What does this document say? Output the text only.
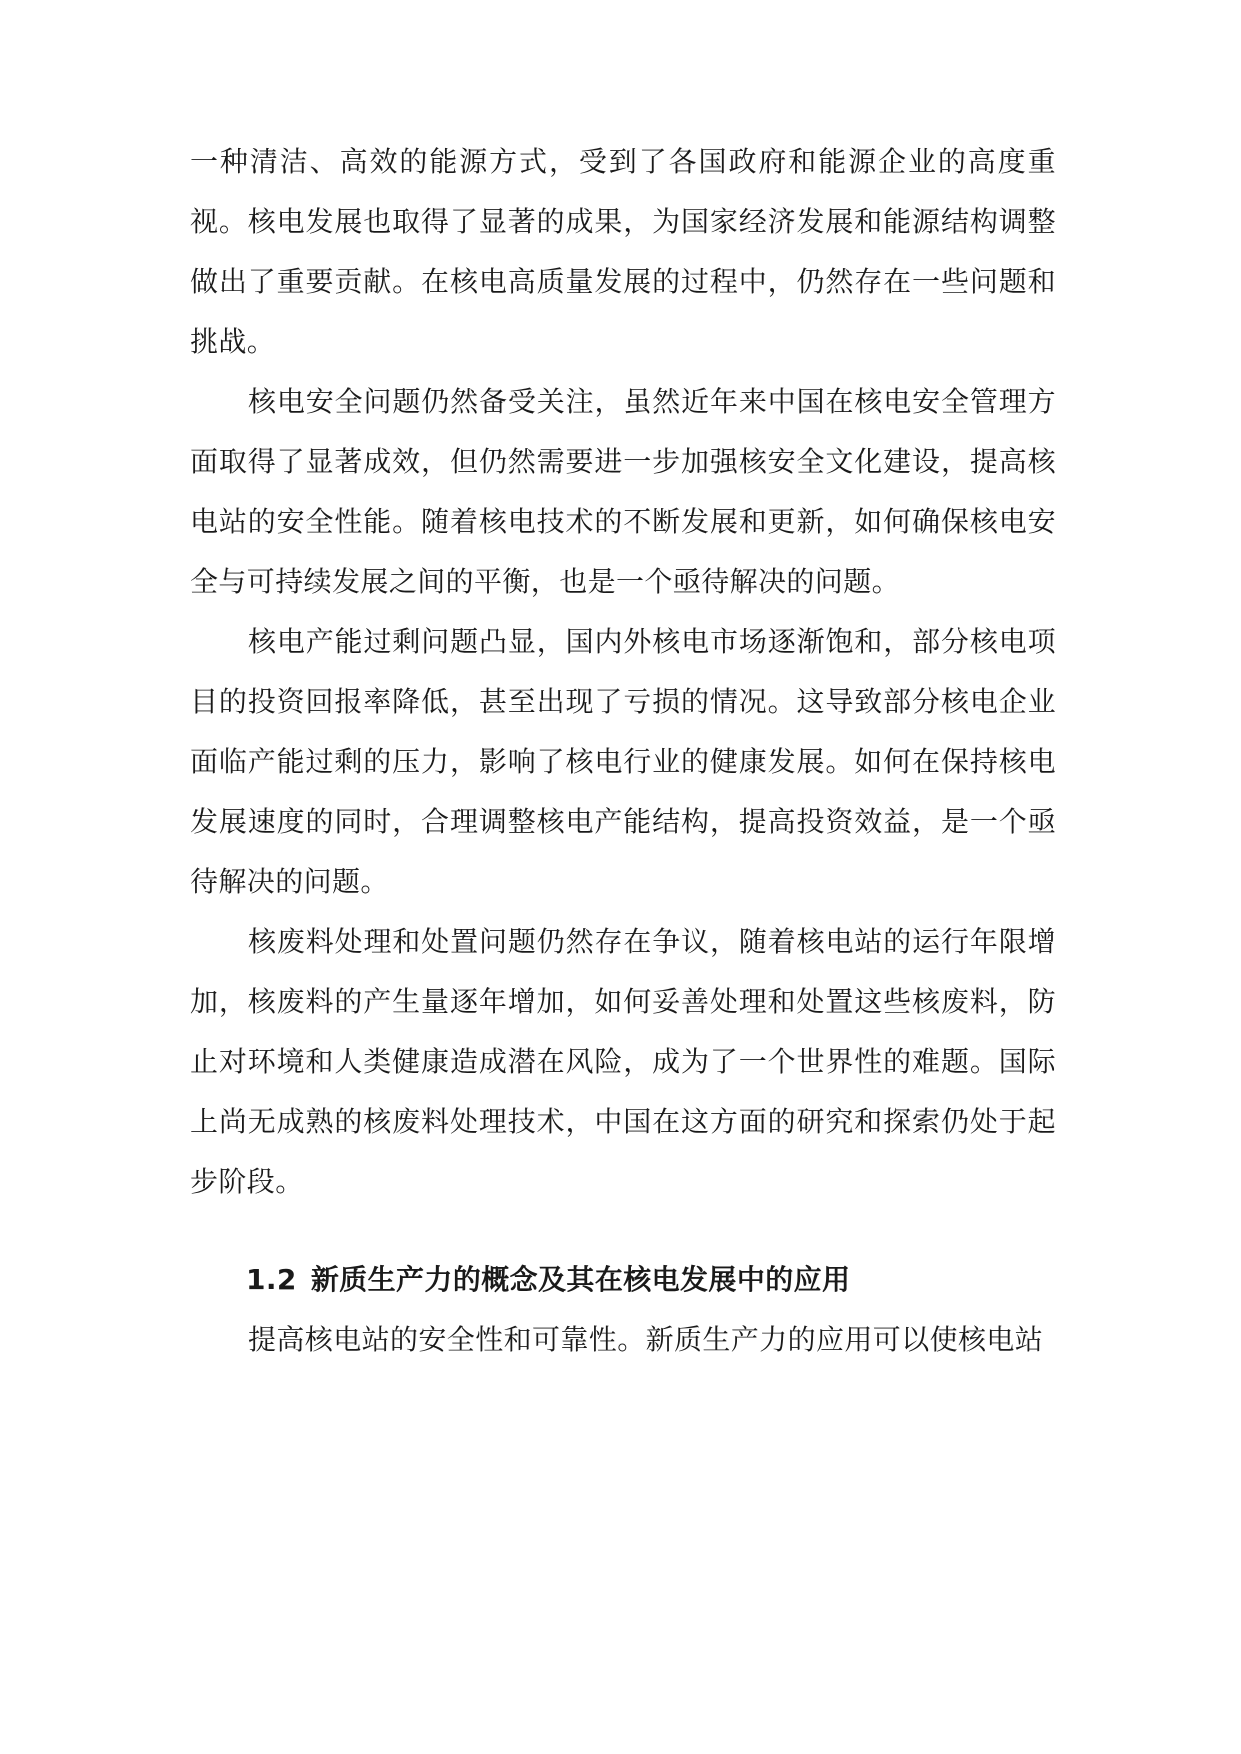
一种清洁、高效的能源方式，受到了各国政府和能源企业的高度重视。核电发展也取得了显著的成果，为国家经济发展和能源结构调整做出了重要贡献。在核电高质量发展的过程中，仍然存在一些问题和挑战。

核电安全问题仍然备受关注，虽然近年来中国在核电安全管理方面取得了显著成效，但仍然需要进一步加强核安全文化建设，提高核电站的安全性能。随着核电技术的不断发展和更新，如何确保核电安全与可持续发展之间的平衡，也是一个亟待解决的问题。

核电产能过剩问题凸显，国内外核电市场逐渐饱和，部分核电项目的投资回报率降低，甚至出现了亏损的情况。这导致部分核电企业面临产能过剩的压力，影响了核电行业的健康发展。如何在保持核电发展速度的同时，合理调整核电产能结构，提高投资效益，是一个亟待解决的问题。

核废料处理和处置问题仍然存在争议，随着核电站的运行年限增加，核废料的产生量逐年增加，如何妥善处理和处置这些核废料，防止对环境和人类健康造成潜在风险，成为了一个世界性的难题。国际上尚无成熟的核废料处理技术，中国在这方面的研究和探索仍处于起步阶段。

1.2 新质生产力的概念及其在核电发展中的应用

提高核电站的安全性和可靠性。新质生产力的应用可以使核电站
